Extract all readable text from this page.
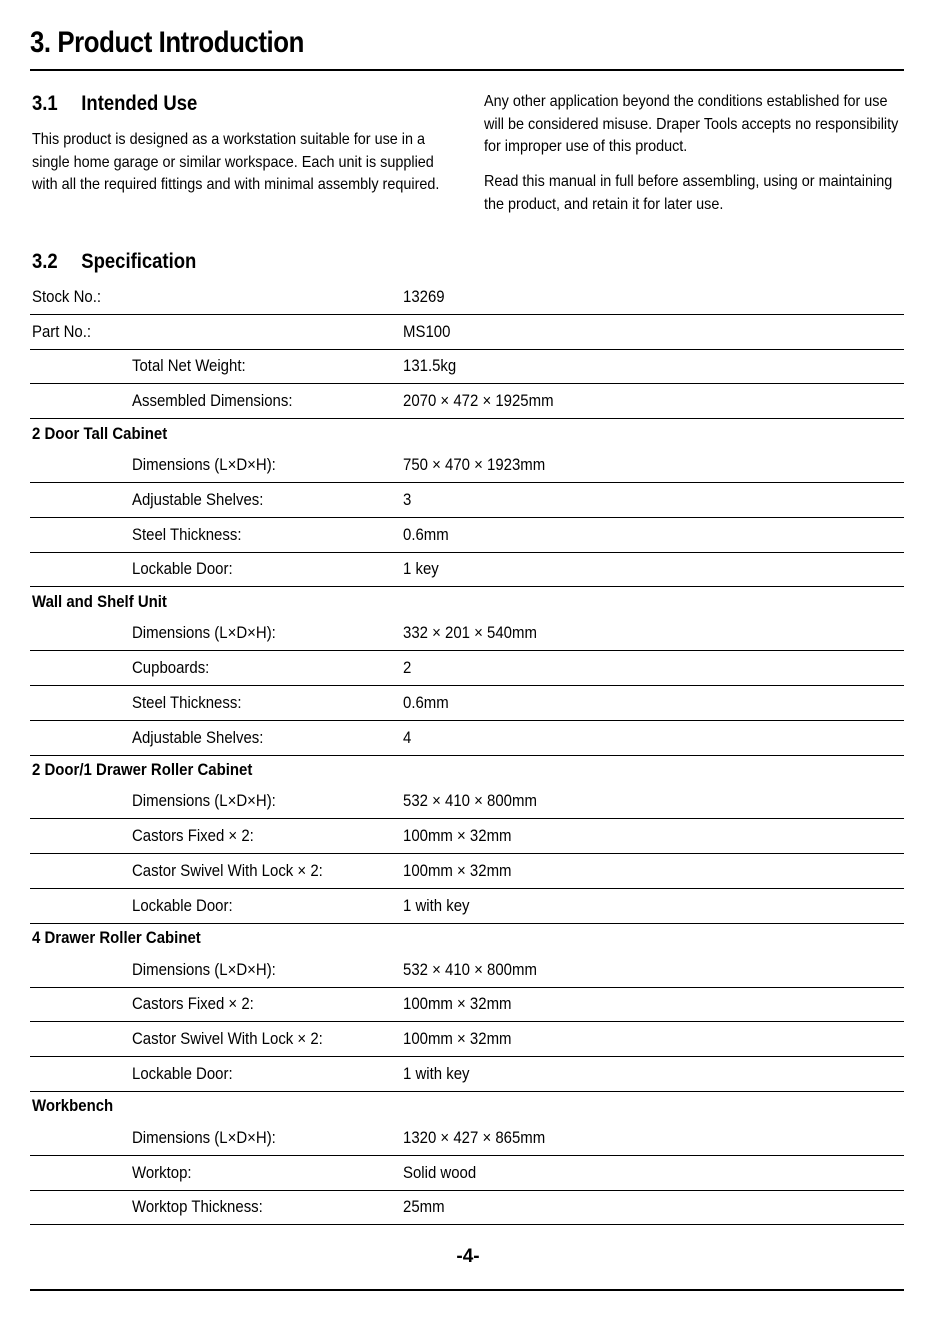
3. Product Introduction
3.1 Intended Use
This product is designed as a workstation suitable for use in a single home garage or similar workspace. Each unit is supplied with all the required fittings and with minimal assembly required.
Any other application beyond the conditions established for use will be considered misuse. Draper Tools accepts no responsibility for improper use of this product.
Read this manual in full before assembling, using or maintaining the product, and retain it for later use.
3.2 Specification
Stock No.:	13269
Part No.:	MS100
Total Net Weight:	131.5kg
Assembled Dimensions:	2070 × 472 × 1925mm
2 Door Tall Cabinet
Dimensions (L×D×H):	750 × 470 × 1923mm
Adjustable Shelves:	3
Steel Thickness:	0.6mm
Lockable Door:	1 key
Wall and Shelf Unit
Dimensions (L×D×H):	332 × 201 × 540mm
Cupboards:	2
Steel Thickness:	0.6mm
Adjustable Shelves:	4
2 Door/1 Drawer Roller Cabinet
Dimensions (L×D×H):	532 × 410 × 800mm
Castors Fixed × 2:	100mm × 32mm
Castor Swivel With Lock × 2:	100mm × 32mm
Lockable Door:	1 with key
4 Drawer Roller Cabinet
Dimensions (L×D×H):	532 × 410 × 800mm
Castors Fixed × 2:	100mm × 32mm
Castor Swivel With Lock × 2:	100mm × 32mm
Lockable Door:	1 with key
Workbench
Dimensions (L×D×H):	1320 × 427 × 865mm
Worktop:	Solid wood
Worktop Thickness:	25mm
-4-
